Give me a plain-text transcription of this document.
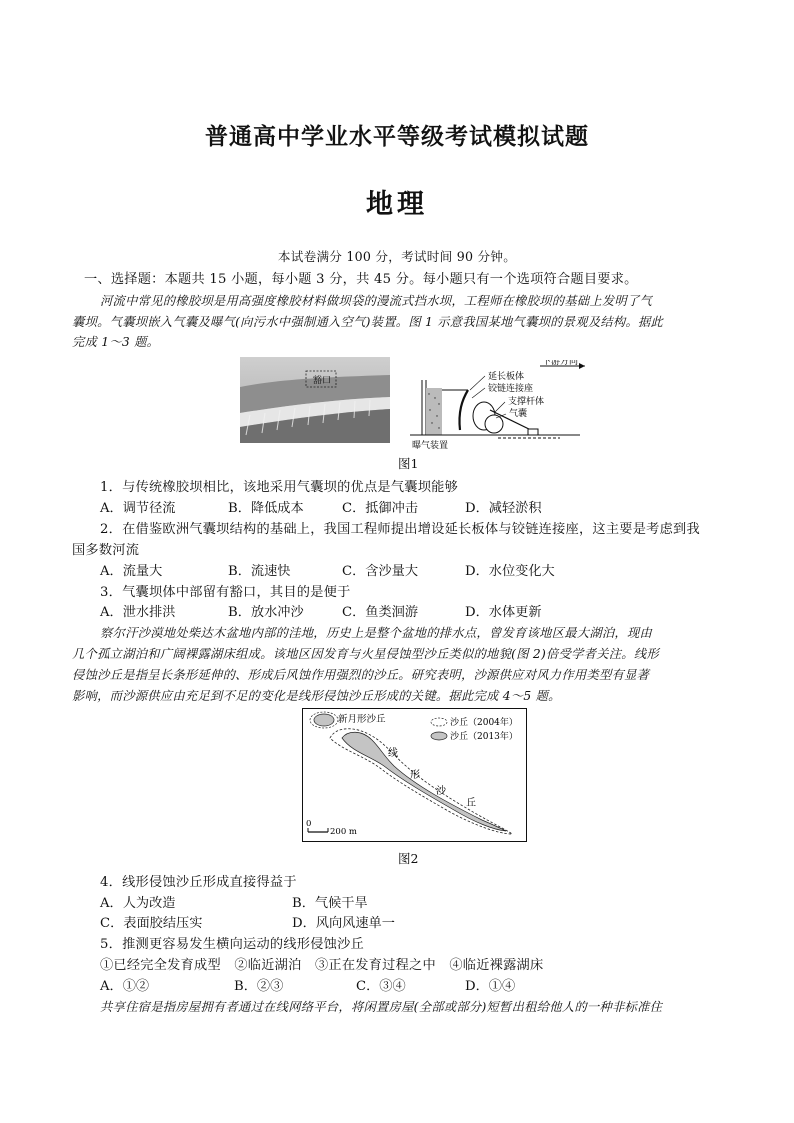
普通高中学业水平等级考试模拟试题
地理
本试卷满分 100 分，考试时间 90 分钟。
一、选择题：本题共 15 小题，每小题 3 分，共 45 分。每小题只有一个选项符合题目要求。
河流中常见的橡胶坝是用高强度橡胶材料做坝袋的漫流式挡水坝，工程师在橡胶坝的基础上发明了气
囊坝。气囊坝嵌入气囊及曝气(向污水中强制通入空气)装置。图 1 示意我国某地气囊坝的景观及结构。据此
完成 1～3 题。
豁口
下游方向
延长板体
铰链连接座
支撑杆体
气囊
曝气装置
图1
1．与传统橡胶坝相比，该地采用气囊坝的优点是气囊坝能够
A．调节径流	B．降低成本	C．抵御冲击	D．减轻淤积
2．在借鉴欧洲气囊坝结构的基础上，我国工程师提出增设延长板体与铰链连接座，这主要是考虑到我
国多数河流
A．流量大	B．流速快	C．含沙量大	D．水位变化大
3．气囊坝体中部留有豁口，其目的是便于
A．泄水排洪	B．放水冲沙	C．鱼类洄游	D．水体更新
察尔汗沙漠地处柴达木盆地内部的洼地，历史上是整个盆地的排水点，曾发育该地区最大湖泊，现由
几个孤立湖泊和广阔裸露湖床组成。该地区因发育与火星侵蚀型沙丘类似的地貌(图 2)倍受学者关注。线形
侵蚀沙丘是指呈长条形延伸的、形成后风蚀作用强烈的沙丘。研究表明，沙源供应对风力作用类型有显著
影响，而沙源供应由充足到不足的变化是线形侵蚀沙丘形成的关键。据此完成 4～5 题。
新月形沙丘	沙丘（2004年）
沙丘（2013年）
线
形
沙
丘
0
200 m
图2
4．线形侵蚀沙丘形成直接得益于
A．人为改造	B．气候干旱
C．表面胶结压实	D．风向风速单一
5．推测更容易发生横向运动的线形侵蚀沙丘
①已经完全发育成型　②临近湖泊　③正在发育过程之中　④临近裸露湖床
A．①②	B．②③	C．③④	D．①④
共享住宿是指房屋拥有者通过在线网络平台，将闲置房屋(全部或部分)短暂出租给他人的一种非标准住
